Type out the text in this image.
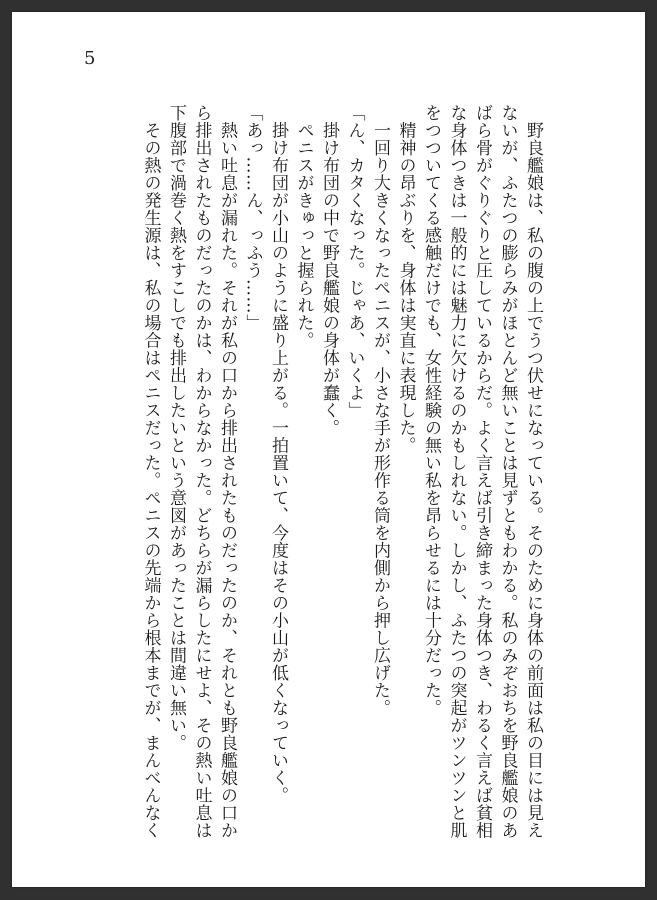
5

　野良艦娘は、私の腹の上でうつ伏せになっている。そのために身体の前面は私の目には見え

ないが、ふたつの膨らみがほとんど無いことは見ずともわかる。私のみぞおちを野良艦娘のあ

ばら骨がぐりぐりと圧しているからだ。よく言えば引き締まった身体つき、わるく言えば貧相

な身体つきは一般的には魅力に欠けるのかもしれない。しかし、ふたつの突起がツンツンと肌

をつついてくる感触だけでも、女性経験の無い私を昂らせるには十分だった。

　精神の昂ぶりを、身体は実直に表現した。

　一回り大きくなったペニスが、小さな手が形作る筒を内側から押し広げた。

「ん、カタくなった。じゃあ、いくよ」

　掛け布団の中で野良艦娘の身体が蠢く。

　ペニスがきゅっと握られた。

　掛け布団が小山のように盛り上がる。一拍置いて、今度はその小山が低くなっていく。

「あっ……ん、っふう……」

　熱い吐息が漏れた。それが私の口から排出されたものだったのか、それとも野良艦娘の口か

ら排出されたものだったのかは、わからなかった。どちらが漏らしたにせよ、その熱い吐息は

下腹部で渦巻く熱をすこしでも排出したいという意図があったことは間違い無い。

　その熱の発生源は、私の場合はペニスだった。ペニスの先端から根本までが、まんべんなく
